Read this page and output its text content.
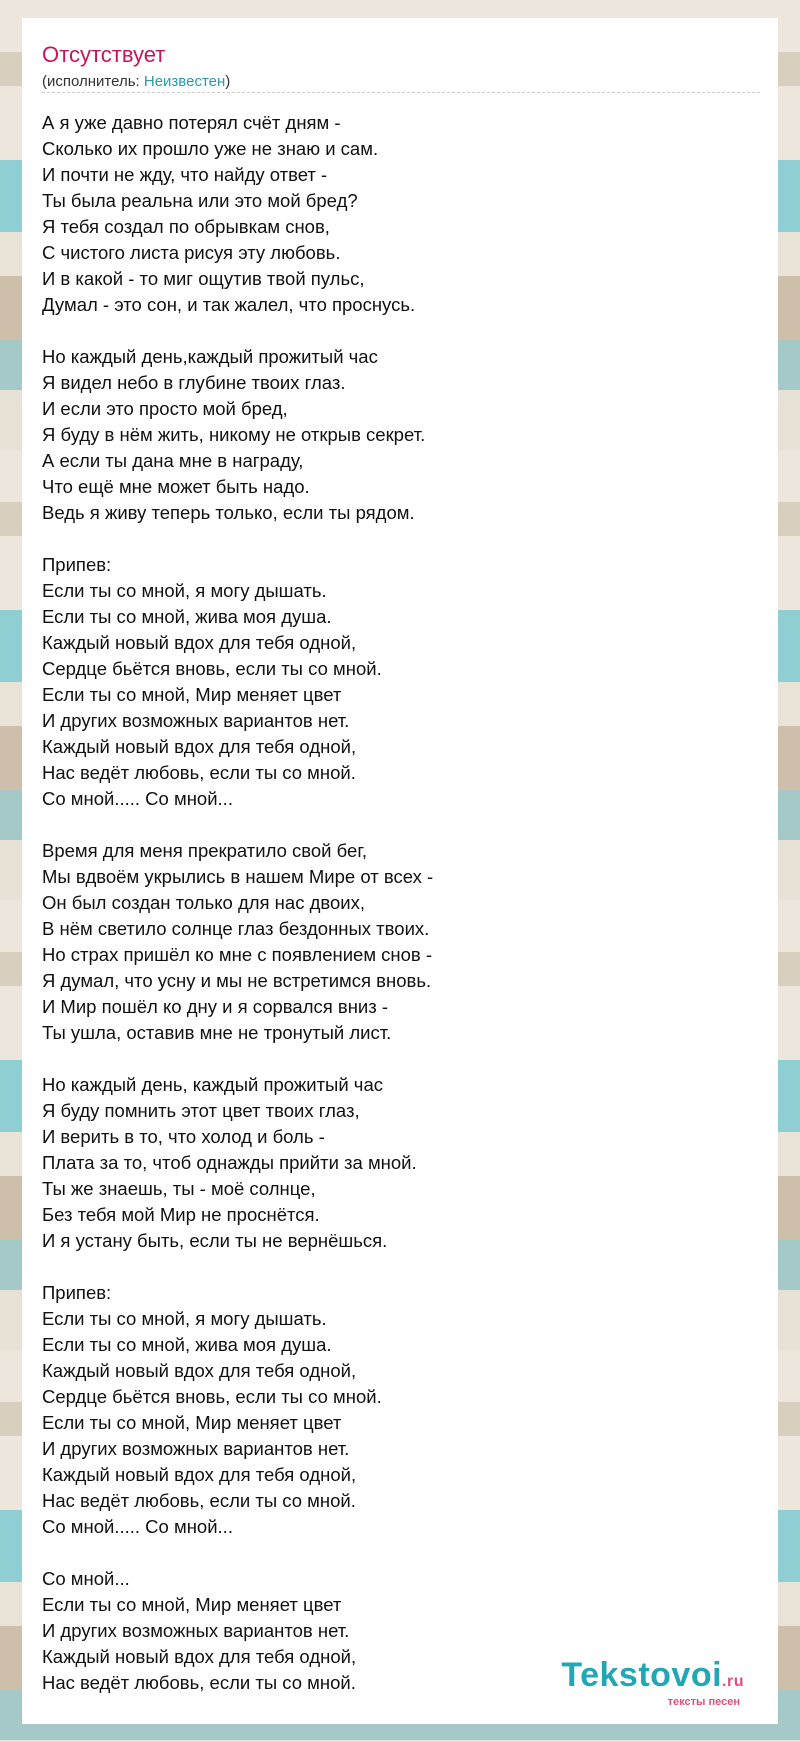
Отсутствует
(исполнитель: Неизвестен)
А я уже давно потерял счёт дням -
Сколько их прошло уже не знаю и сам.
И почти не жду, что найду ответ -
Ты была реальна или это мой бред?
Я тебя создал по обрывкам снов,
С чистого листа рисуя эту любовь.
И в какой - то миг ощутив твой пульс,
Думал - это сон, и так жалел, что проснусь.
Но каждый день,каждый прожитый час
Я видел небо в глубине твоих глаз.
И если это просто мой бред,
Я буду в нём жить, никому не открыв секрет.
А если ты дана мне в награду,
Что ещё мне может быть надо.
Ведь я живу теперь только, если ты рядом.
Припев:
Если ты со мной, я могу дышать.
Если ты со мной, жива моя душа.
Каждый новый вдох для тебя одной,
Сердце бьётся вновь, если ты со мной.
Если ты со мной, Мир меняет цвет
И других возможных вариантов нет.
Каждый новый вдох для тебя одной,
Нас ведёт любовь, если ты со мной.
Со мной..... Со мной...
Время для меня прекратило свой бег,
Мы вдвоём укрылись в нашем Мире от всех -
Он был создан только для нас двоих,
В нём светило солнце глаз бездонных твоих.
Но страх пришёл ко мне с появлением снов -
Я думал, что усну и мы не встретимся вновь.
И Мир пошёл ко дну и я сорвался вниз -
Ты ушла, оставив мне не тронутый лист.
Но каждый день, каждый прожитый час
Я буду помнить этот цвет твоих глаз,
И верить в то, что холод и боль -
Плата за то, чтоб однажды прийти за мной.
Ты же знаешь, ты - моё солнце,
Без тебя мой Мир не проснётся.
И я устану быть, если ты не вернёшься.
Припев:
Если ты со мной, я могу дышать.
Если ты со мной, жива моя душа.
Каждый новый вдох для тебя одной,
Сердце бьётся вновь, если ты со мной.
Если ты со мной, Мир меняет цвет
И других возможных вариантов нет.
Каждый новый вдох для тебя одной,
Нас ведёт любовь, если ты со мной.
Со мной..... Со мной...
Со мной...
Если ты со мной, Мир меняет цвет
И других возможных вариантов нет.
Каждый новый вдох для тебя одной,
Нас ведёт любовь, если ты со мной.	Tekstovoi.ru
тексты песен
